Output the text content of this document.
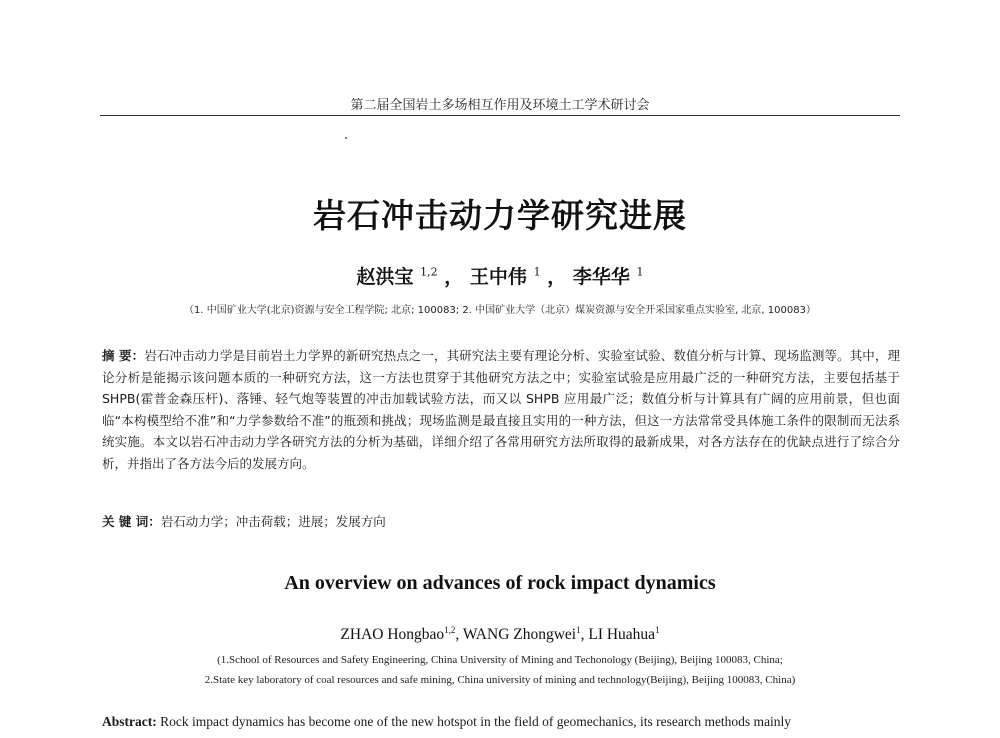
第二届全国岩土多场相互作用及环境土工学术研讨会
岩石冲击动力学研究进展
赵洪宝 $^{1,2}$ ， 王中伟 $^1$ ， 李华华 $^1$
（1. 中国矿业大学(北京)资源与安全工程学院; 北京; 100083; 2. 中国矿业大学（北京）煤炭资源与安全开采国家重点实验室, 北京, 100083）
摘 要：岩石冲击动力学是目前岩土力学界的新研究热点之一，其研究法主要有理论分析、实验室试验、数值分析与计算、现场监测等。其中，理论分析是能揭示该问题本质的一种研究方法，这一方法也贯穿于其他研究方法之中；实验室试验是应用最广泛的一种研究方法，主要包括基于 SHPB(霍普金森压杆)、落锤、轻气炮等装置的冲击加载试验方法，而又以 SHPB 应用最广泛；数值分析与计算具有广阔的应用前景，但也面临“本构模型给不准”和“力学参数给不准”的瓶颈和挑战；现场监测是最直接且实用的一种方法，但这一方法常常受具体施工条件的限制而无法系统实施。本文以岩石冲击动力学各研究方法的分析为基础，详细介绍了各常用研究方法所取得的最新成果，对各方法存在的优缺点进行了综合分析，并指出了各方法今后的发展方向。
关 键 词：岩石动力学；冲击荷载；进展；发展方向
An overview on advances of rock impact dynamics
ZHAO Hongbao$^{1,2}$, WANG Zhongwei$^1$, LI Huahua$^1$
(1.School of Resources and Safety Engineering, China University of Mining and Techonology (Beijing), Beijing 100083, China;
2.State key laboratory of coal resources and safe mining, China university of mining and technology(Beijing), Beijing 100083, China)
Abstract: Rock impact dynamics has become one of the new hotspot in the field of geomechanics, its research methods mainly
